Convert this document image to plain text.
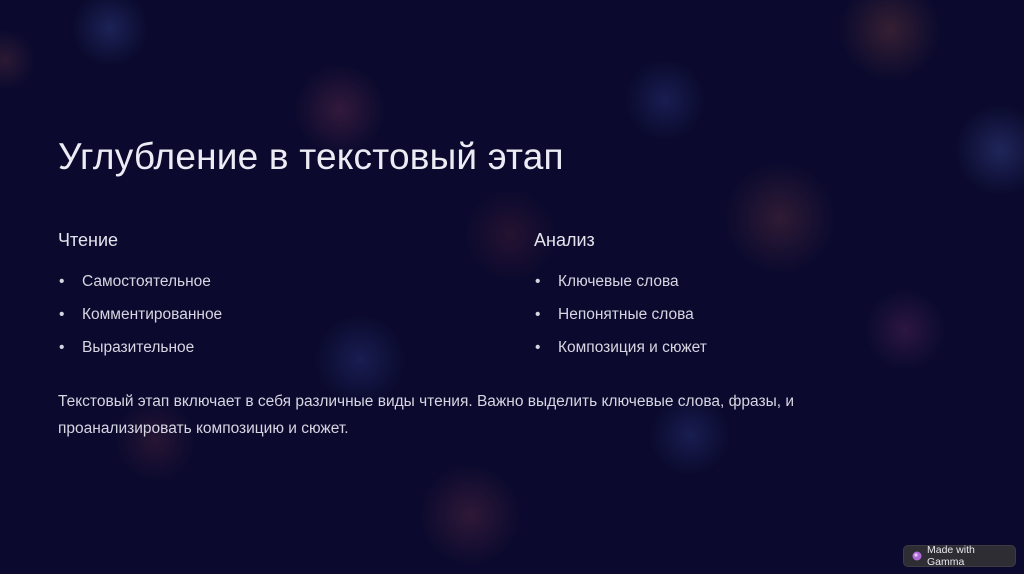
Углубление в текстовый этап
Чтение
• Самостоятельное
• Комментированное
• Выразительное
Анализ
• Ключевые слова
• Непонятные слова
• Композиция и сюжет

Текстовый этап включает в себя различные виды чтения. Важно выделить ключевые слова, фразы, и проанализировать композицию и сюжет.

Made with Gamma
